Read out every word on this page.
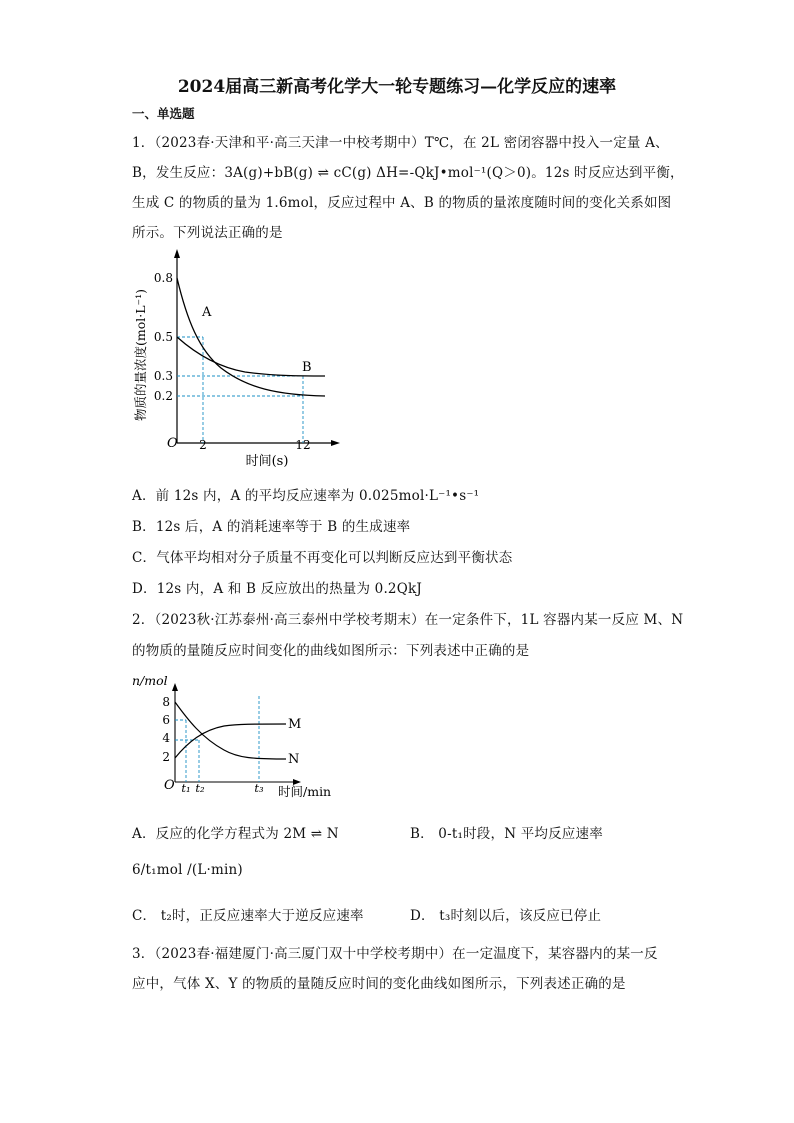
2024届高三新高考化学大一轮专题练习—化学反应的速率
一、单选题
1．（2023春·天津和平·高三天津一中校考期中）T℃，在 2L 密闭容器中投入一定量 A、
B，发生反应：3A(g)+bB(g) ⇌ cC(g) ΔH=-QkJ•mol⁻¹(Q＞0)。12s 时反应达到平衡，
生成 C 的物质的量为 1.6mol，反应过程中 A、B 的物质的量浓度随时间的变化关系如图
所示。下列说法正确的是
A
B
0.8
0.5
0.3
0.2
O 2	12
时间(s)
物质的量浓度(mol·L⁻¹)
A．前 12s 内，A 的平均反应速率为 0.025mol·L⁻¹•s⁻¹
B．12s 后，A 的消耗速率等于 B 的生成速率
C．气体平均相对分子质量不再变化可以判断反应达到平衡状态
D．12s 内，A 和 B 反应放出的热量为 0.2QkJ
2．（2023秋·江苏泰州·高三泰州中学校考期末）在一定条件下，1L 容器内某一反应 M、N
的物质的量随反应时间变化的曲线如图所示：下列表述中正确的是
n/mol
M
N
8
6
4
2
O t₁ t₂	t₃ 时间/min
A．反应的化学方程式为 2M ⇌ N	B． 0-t₁时段，N 平均反应速率
6/t₁mol /(L·min)
C． t₂时，正反应速率大于逆反应速率	D． t₃时刻以后，该反应已停止
3．（2023春·福建厦门·高三厦门双十中学校考期中）在一定温度下，某容器内的某一反
应中，气体 X、Y 的物质的量随反应时间的变化曲线如图所示，下列表述正确的是
